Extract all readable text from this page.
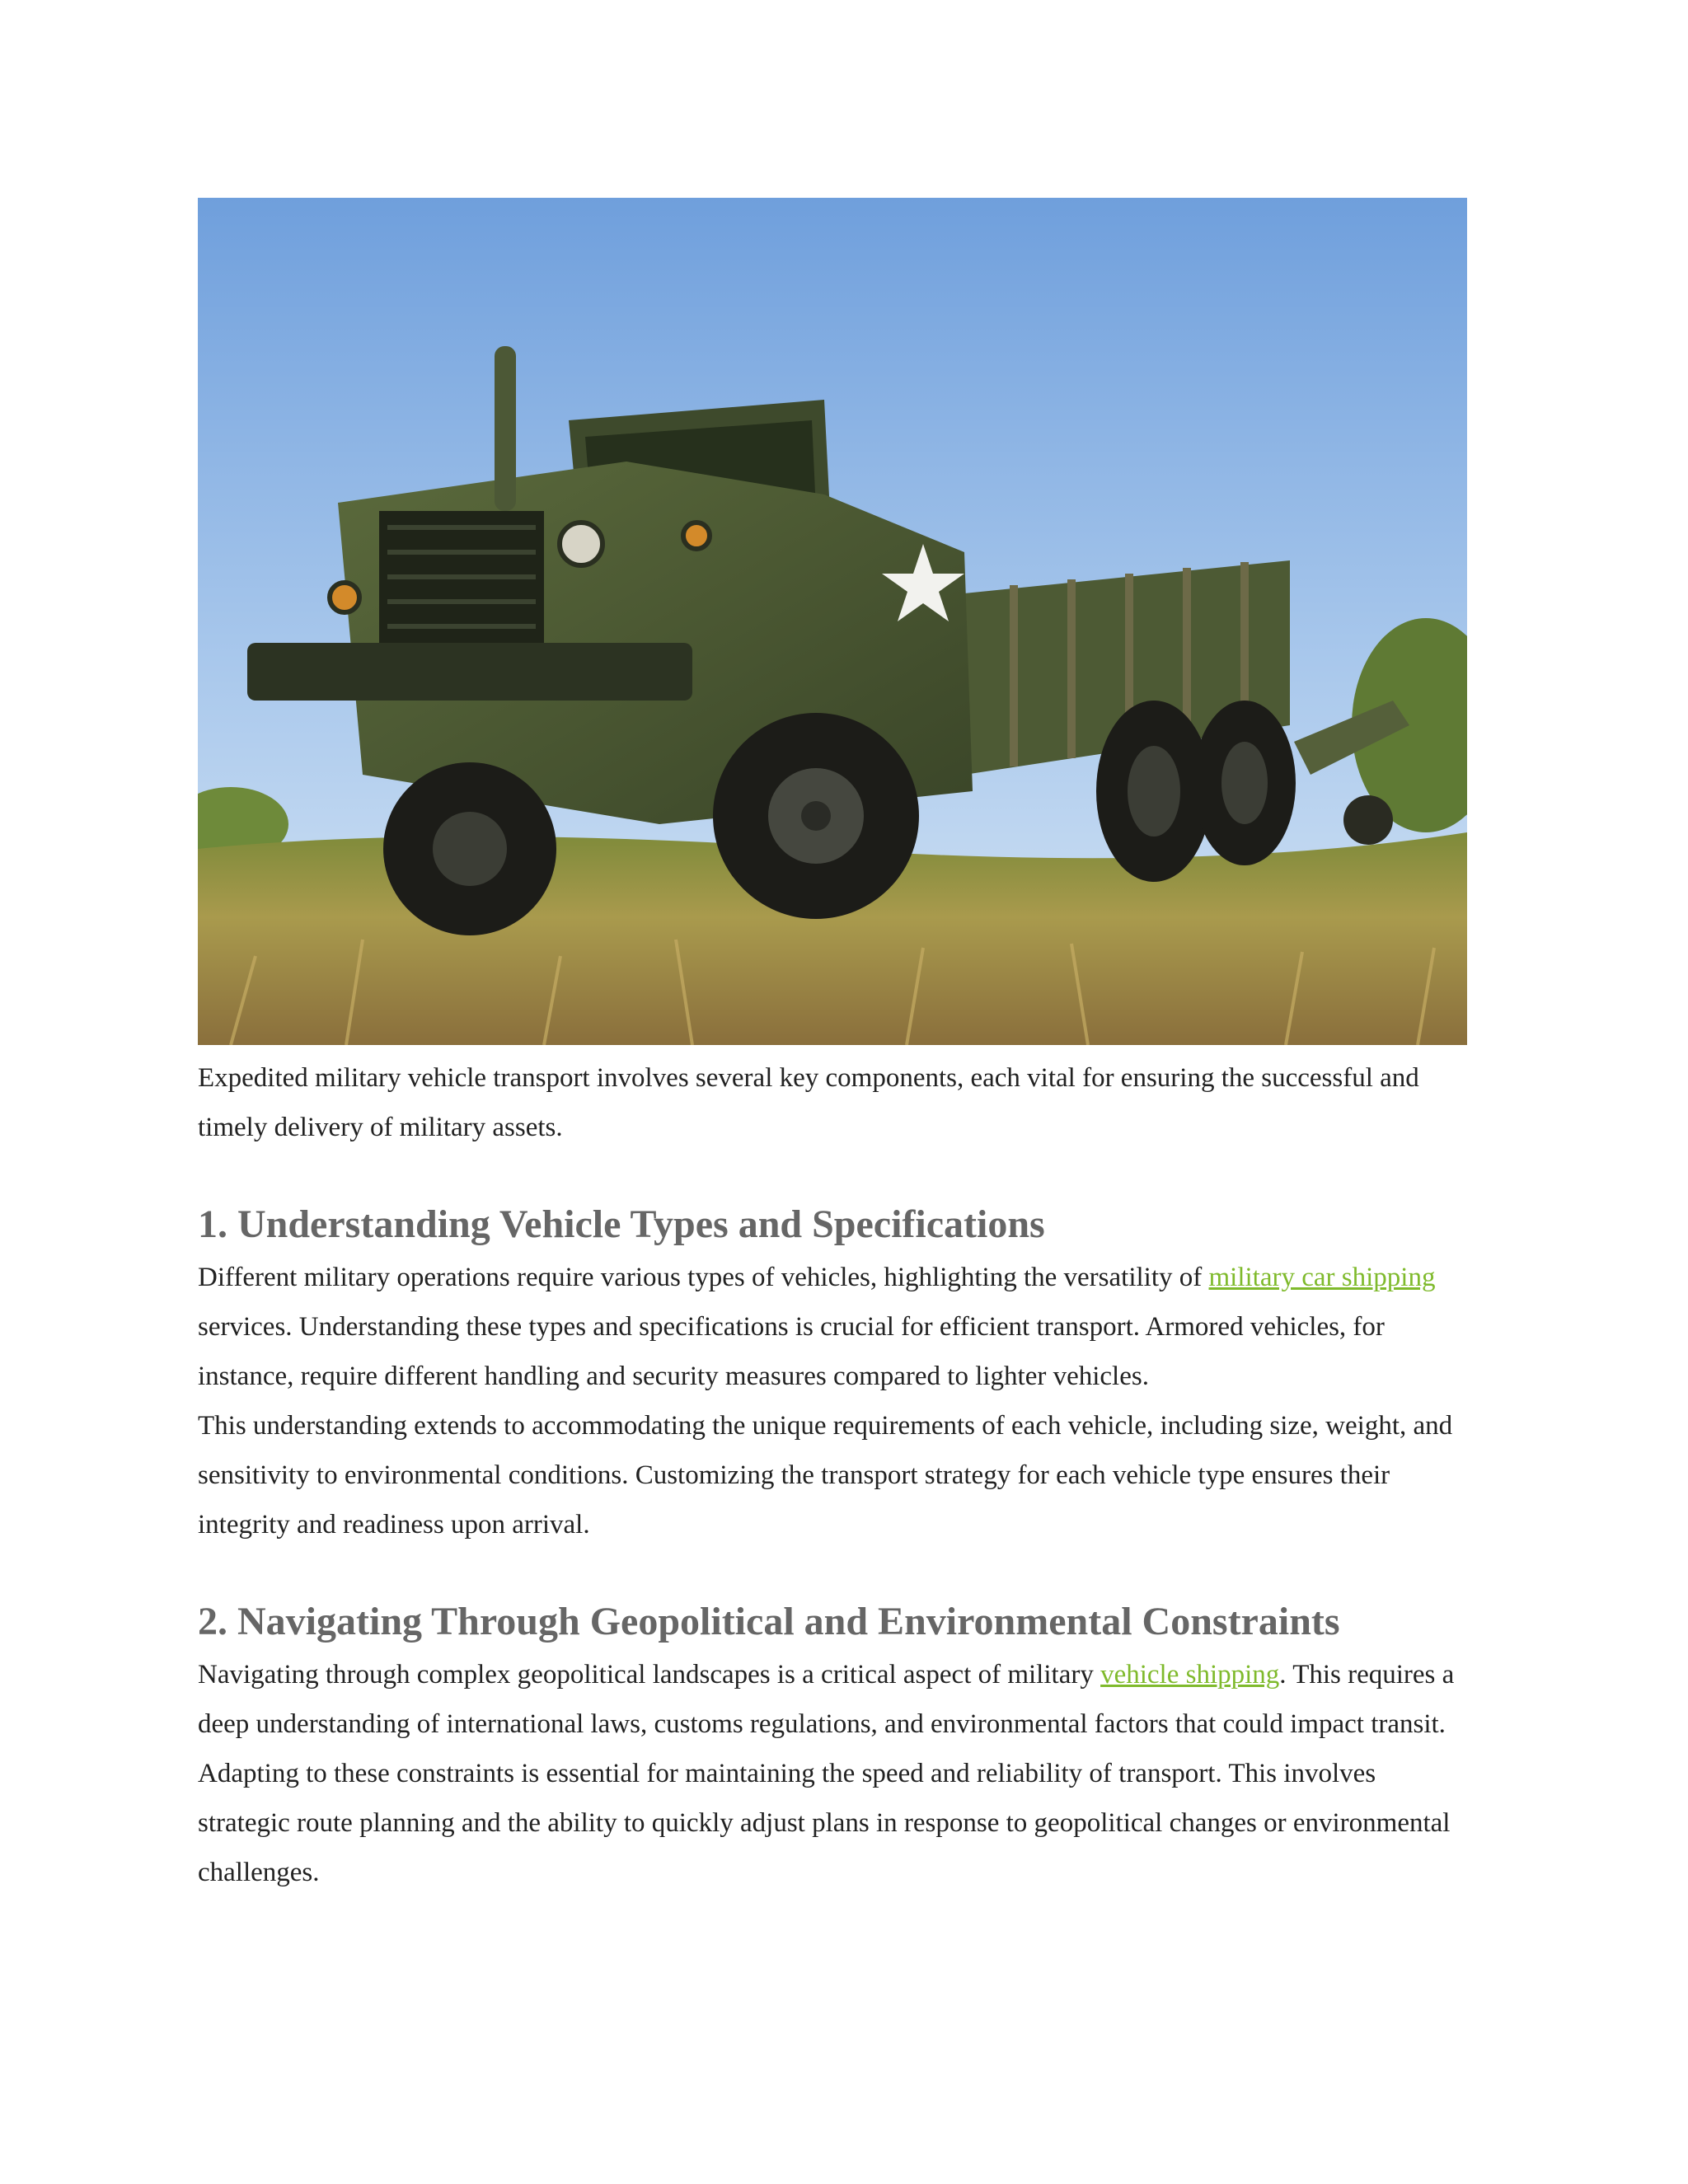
Expedited military vehicle transport involves several key components, each vital for ensuring the successful and timely delivery of military assets.

1. Understanding Vehicle Types and Specifications

Different military operations require various types of vehicles, highlighting the versatility of military car shipping services. Understanding these types and specifications is crucial for efficient transport. Armored vehicles, for instance, require different handling and security measures compared to lighter vehicles.

This understanding extends to accommodating the unique requirements of each vehicle, including size, weight, and sensitivity to environmental conditions. Customizing the transport strategy for each vehicle type ensures their integrity and readiness upon arrival.

2. Navigating Through Geopolitical and Environmental Constraints

Navigating through complex geopolitical landscapes is a critical aspect of military vehicle shipping. This requires a deep understanding of international laws, customs regulations, and environmental factors that could impact transit.

Adapting to these constraints is essential for maintaining the speed and reliability of transport. This involves strategic route planning and the ability to quickly adjust plans in response to geopolitical changes or environmental challenges.
